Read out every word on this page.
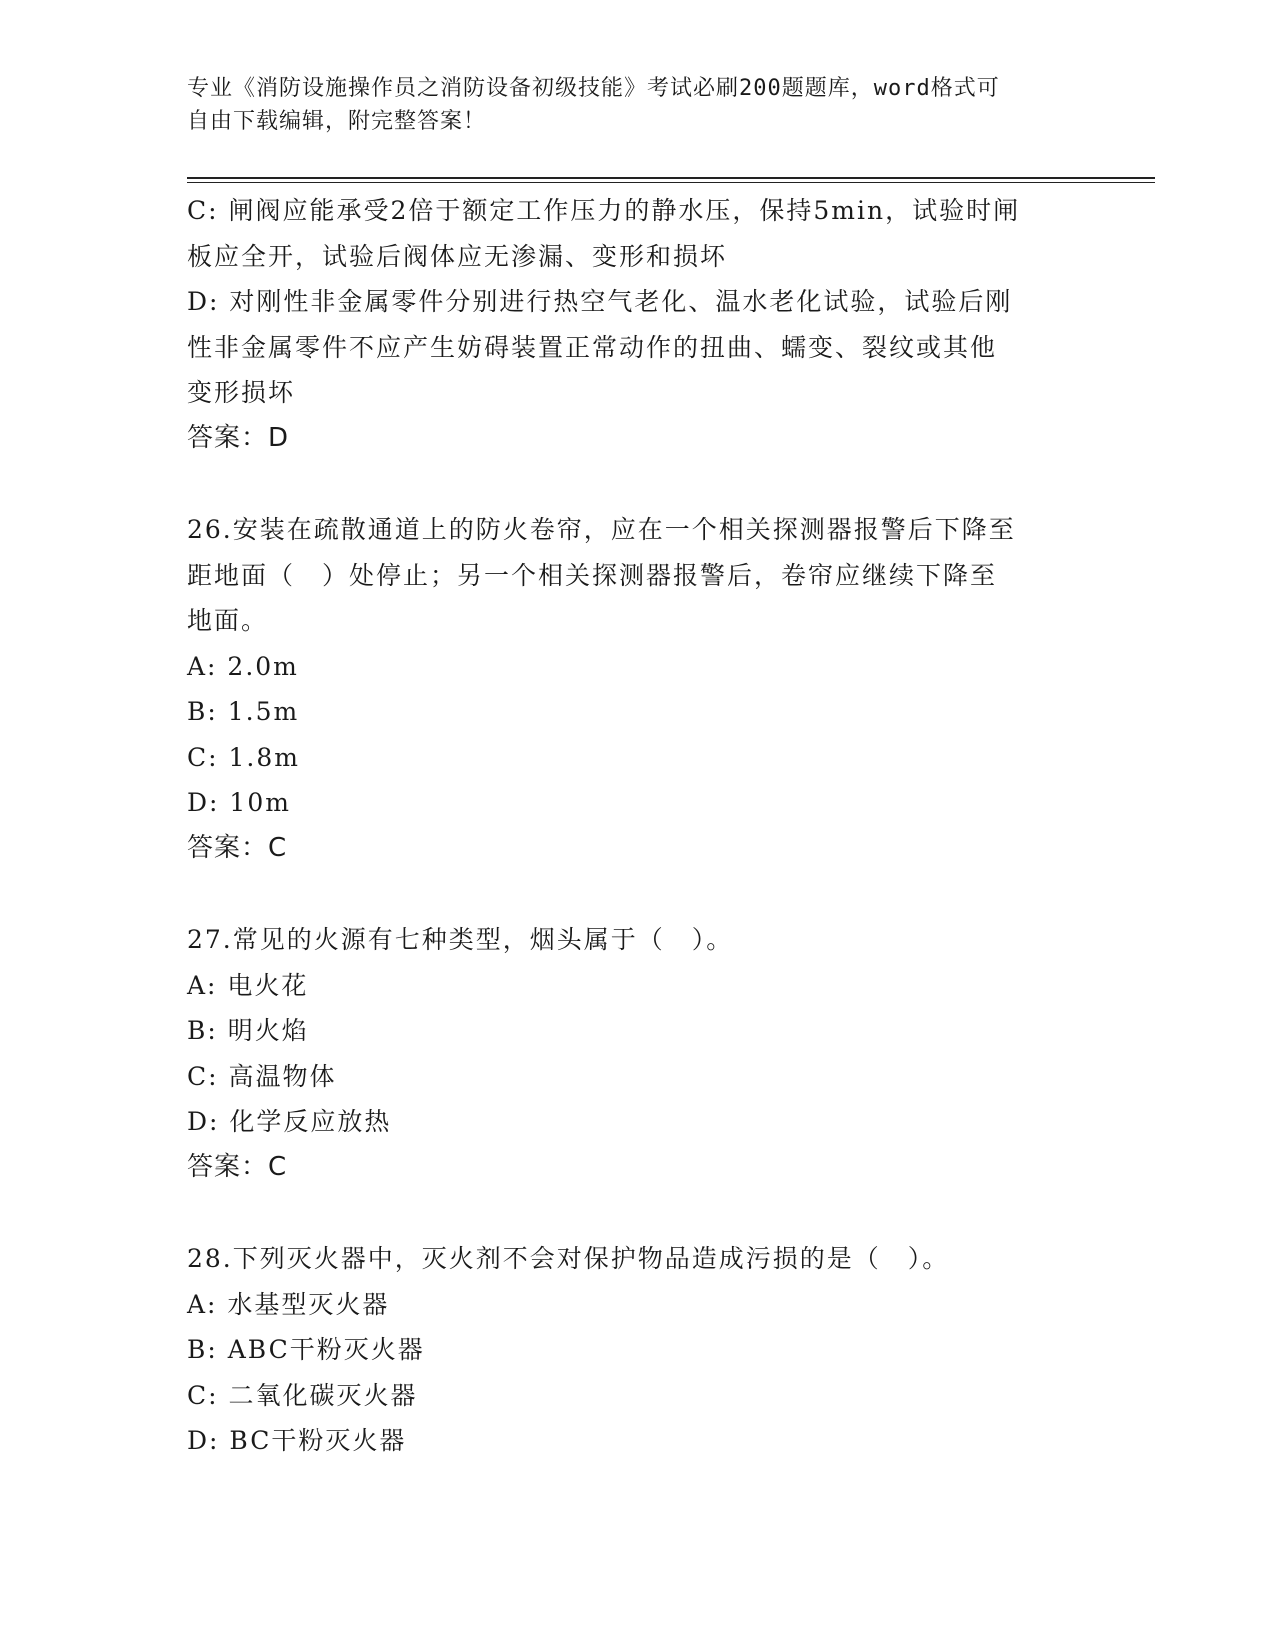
专业《消防设施操作员之消防设备初级技能》考试必刷200题题库，word格式可
自由下载编辑，附完整答案！
C: 闸阀应能承受2倍于额定工作压力的静水压，保持5min，试验时闸
板应全开，试验后阀体应无渗漏、变形和损坏
D: 对刚性非金属零件分别进行热空气老化、温水老化试验，试验后刚
性非金属零件不应产生妨碍装置正常动作的扭曲、蠕变、裂纹或其他
变形损坏
答案：D
26.安装在疏散通道上的防火卷帘，应在一个相关探测器报警后下降至
距地面（　）处停止；另一个相关探测器报警后，卷帘应继续下降至
地面。
A: 2.0m
B: 1.5m
C: 1.8m
D: 10m
答案：C
27.常见的火源有七种类型，烟头属于（　）。
A: 电火花
B: 明火焰
C: 高温物体
D: 化学反应放热
答案：C
28.下列灭火器中，灭火剂不会对保护物品造成污损的是（　）。
A: 水基型灭火器
B: ABC干粉灭火器
C: 二氧化碳灭火器
D: BC干粉灭火器
